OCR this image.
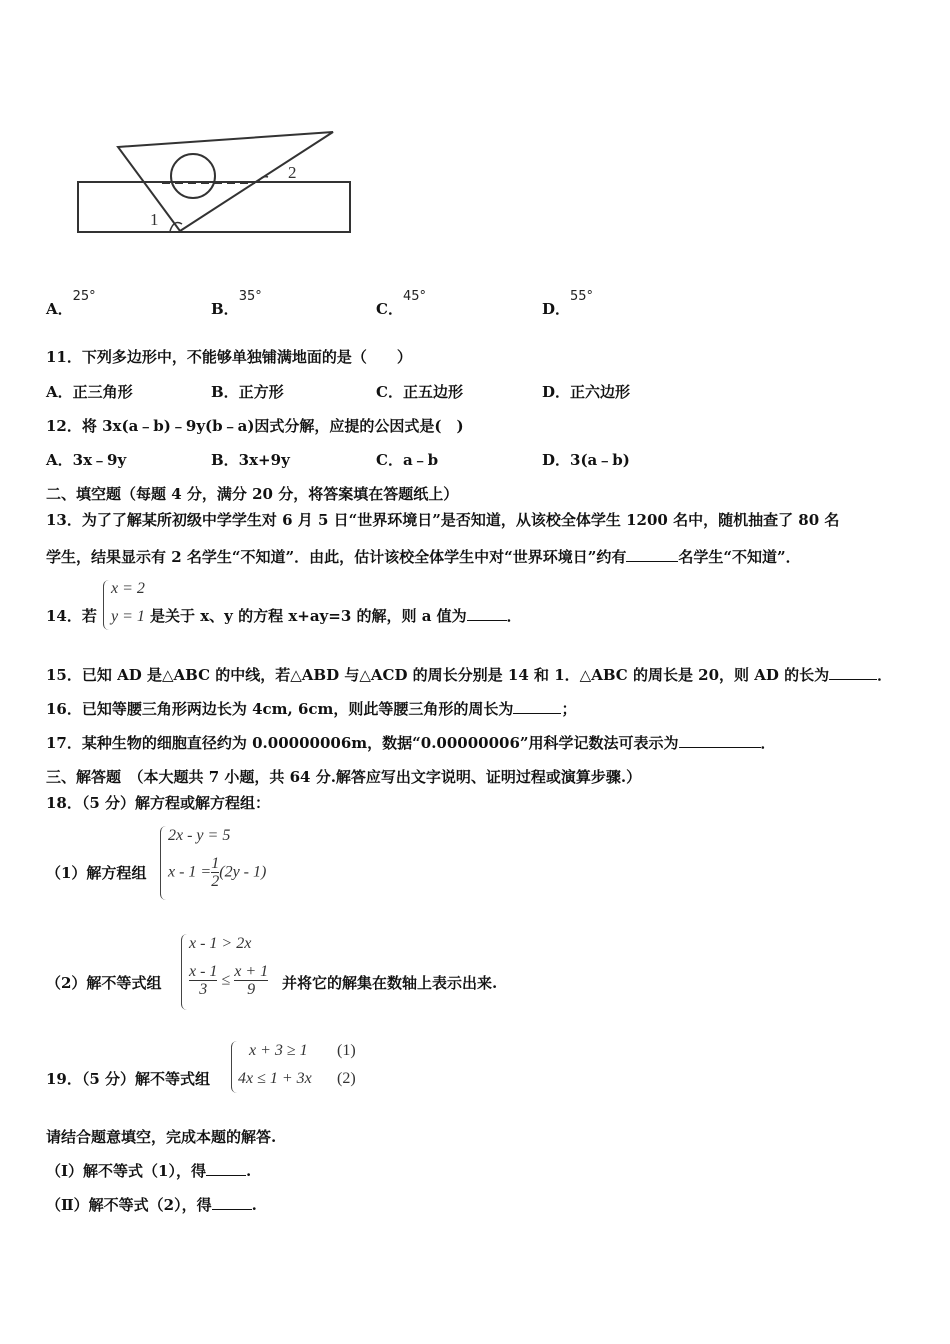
1
2
A．25°
B．35°
C．45°
D．55°
11．下列多边形中，不能够单独铺满地面的是（　　）
A．正三角形	B．正方形	C．正五边形	D．正六边形
12．将 3x(a﹣b)﹣9y(b﹣a)因式分解，应提的公因式是(　)
A．3x﹣9y	B．3x+9y	C．a﹣b	D．3(a﹣b)
二、填空题（每题 4 分，满分 20 分，将答案填在答题纸上）
13．为了了解某所初级中学学生对 6 月 5 日“世界环境日”是否知道，从该校全体学生 1200 名中，随机抽查了 80 名
学生，结果显示有 2 名学生“不知道”．由此，估计该校全体学生中对“世界环境日”约有	名学生“不知道”．
14．若
x = 2
y = 1 是关于 x、y 的方程 x+ay=3 的解，则 a 值为	．
15．已知 AD 是△ABC 的中线，若△ABD 与△ACD 的周长分别是 14 和 1．△ABC 的周长是 20，则 AD 的长为	．
16．已知等腰三角形两边长为 4cm, 6cm，则此等腰三角形的周长为	；
17．某种生物的细胞直径约为 0.00000006m，数据“0.00000006”用科学记数法可表示为	．
三、解答题　（本大题共 7 小题，共 64 分.解答应写出文字说明、证明过程或演算步骤.）
18．（5 分）解方程或解方程组：
（1）解方程组
2x - y = 5
$x - 1 = \frac{1}{2} (2y - 1)$
（2）解不等式组
x - 1 > 2x
$\frac{x - 1}{3} \le \frac{x + 1}{9}$ 并将它的解集在数轴上表示出来.
19．（5 分）解不等式组
x + 3 ≥ 1 (1)
4x ≤ 1 + 3x (2)
请结合题意填空，完成本题的解答.
（Ⅰ）解不等式（1），得	.
（Ⅱ）解不等式（2），得	.
